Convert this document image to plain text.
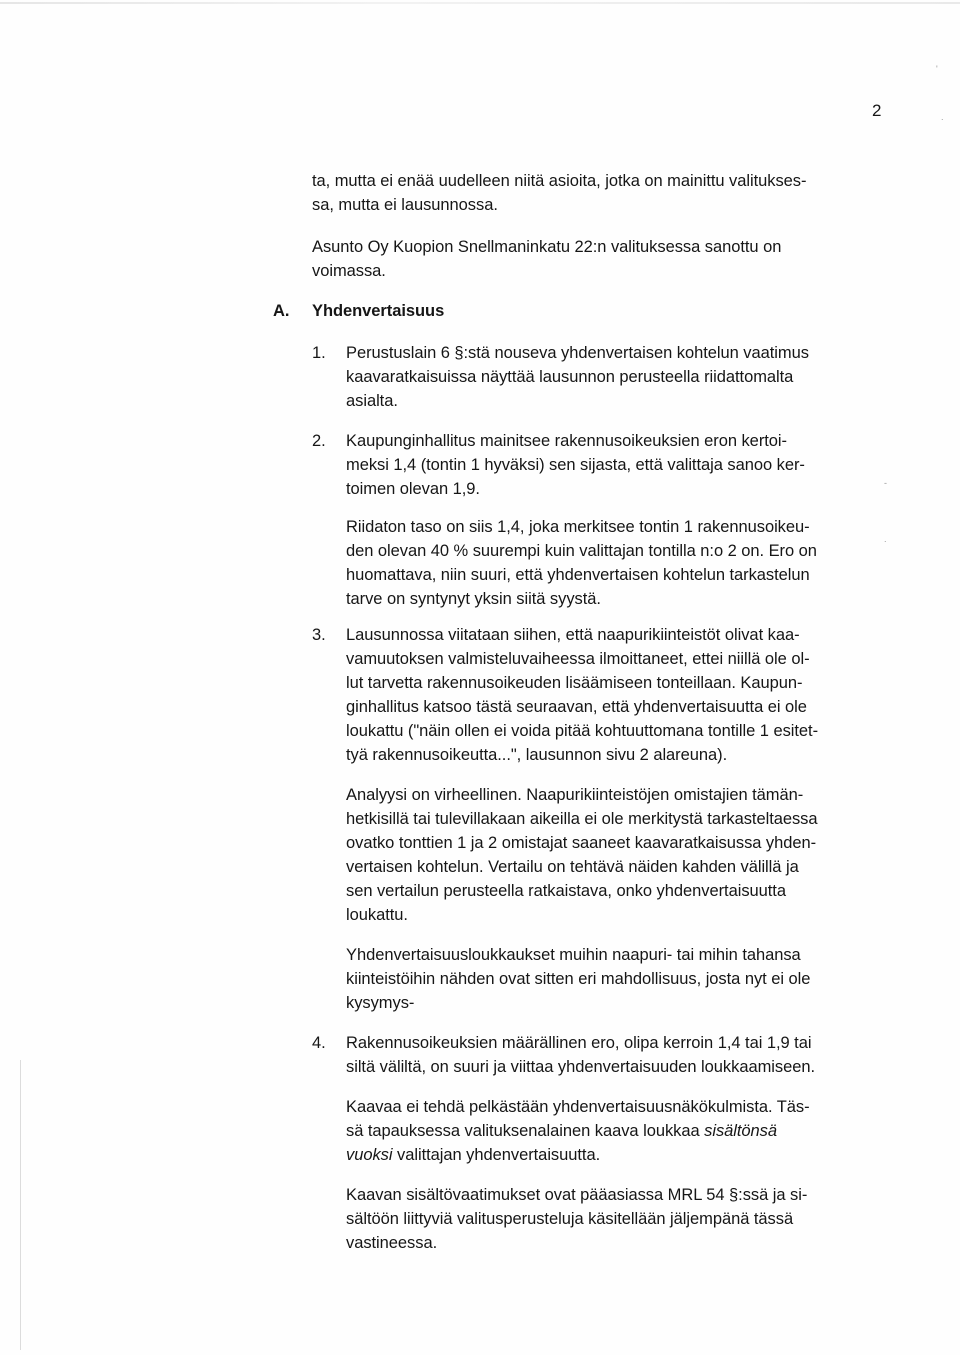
'
.
-
.
2
ta, mutta ei enää uudelleen niitä asioita, jotka on mainittu valitukses-
sa, mutta ei lausunnossa.
Asunto Oy Kuopion Snellmaninkatu 22:n valituksessa sanottu on
voimassa.
A. Yhdenvertaisuus
1. Perustuslain 6 §:stä nouseva yhdenvertaisen kohtelun vaatimus
kaavaratkaisuissa näyttää lausunnon perusteella riidattomalta
asialta.
2. Kaupunginhallitus mainitsee rakennusoikeuksien eron kertoi-
meksi 1,4 (tontin 1 hyväksi) sen sijasta, että valittaja sanoo ker-
toimen olevan 1,9.
Riidaton taso on siis 1,4, joka merkitsee tontin 1 rakennusoikeu-
den olevan 40 % suurempi kuin valittajan tontilla n:o 2 on. Ero on
huomattava, niin suuri, että yhdenvertaisen kohtelun tarkastelun
tarve on syntynyt yksin siitä syystä.
3. Lausunnossa viitataan siihen, että naapurikiinteistöt olivat kaa-
vamuutoksen valmisteluvaiheessa ilmoittaneet, ettei niillä ole ol-
lut tarvetta rakennusoikeuden lisäämiseen tonteillaan. Kaupun-
ginhallitus katsoo tästä seuraavan, että yhdenvertaisuutta ei ole
loukattu ("näin ollen ei voida pitää kohtuuttomana tontille 1 esitet-
tyä rakennusoikeutta...", lausunnon sivu 2 alareuna).
Analyysi on virheellinen. Naapurikiinteistöjen omistajien tämän-
hetkisillä tai tulevillakaan aikeilla ei ole merkitystä tarkasteltaessa
ovatko tonttien 1 ja 2 omistajat saaneet kaavaratkaisussa yhden-
vertaisen kohtelun. Vertailu on tehtävä näiden kahden välillä ja
sen vertailun perusteella ratkaistava, onko yhdenvertaisuutta
loukattu.
Yhdenvertaisuusloukkaukset muihin naapuri- tai mihin tahansa
kiinteistöihin nähden ovat sitten eri mahdollisuus, josta nyt ei ole
kysymys-
4. Rakennusoikeuksien määrällinen ero, olipa kerroin 1,4 tai 1,9 tai
siltä väliltä, on suuri ja viittaa yhdenvertaisuuden loukkaamiseen.
Kaavaa ei tehdä pelkästään yhdenvertaisuusnäkökulmista. Täs-
sä tapauksessa valituksenalainen kaava loukkaa sisältönsä
vuoksi valittajan yhdenvertaisuutta.
Kaavan sisältövaatimukset ovat pääasiassa MRL 54 §:ssä ja si-
sältöön liittyviä valitusperusteluja käsitellään jäljempänä tässä
vastineessa.
